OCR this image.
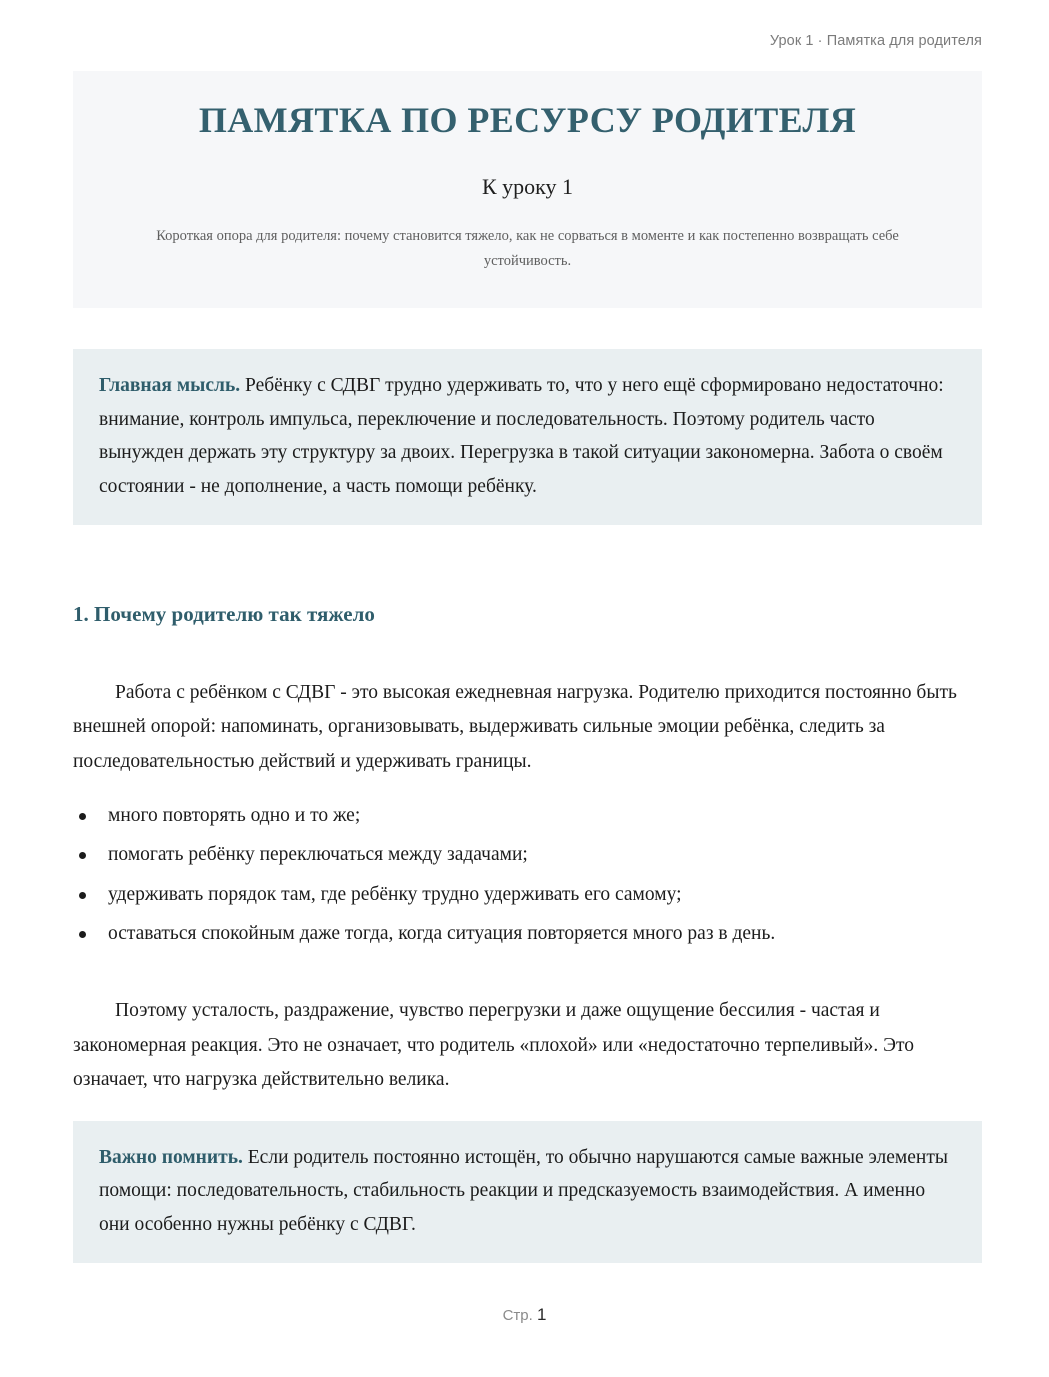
Урок 1 · Памятка для родителя
ПАМЯТКА ПО РЕСУРСУ РОДИТЕЛЯ
К уроку 1

Короткая опора для родителя: почему становится тяжело, как не сорваться в моменте и как постепенно возвращать себе устойчивость.

Главная мысль. Ребёнку с СДВГ трудно удерживать то, что у него ещё сформировано недостаточно: внимание, контроль импульса, переключение и последовательность. Поэтому родитель часто вынужден держать эту структуру за двоих. Перегрузка в такой ситуации закономерна. Забота о своём состоянии - не дополнение, а часть помощи ребёнку.
1. Почему родителю так тяжело

Работа с ребёнком с СДВГ - это высокая ежедневная нагрузка. Родителю приходится постоянно быть внешней опорой: напоминать, организовывать, выдерживать сильные эмоции ребёнка, следить за последовательностью действий и удерживать границы.

много повторять одно и то же;
помогать ребёнку переключаться между задачами;
удерживать порядок там, где ребёнку трудно удерживать его самому;
оставаться спокойным даже тогда, когда ситуация повторяется много раз в день.

Поэтому усталость, раздражение, чувство перегрузки и даже ощущение бессилия - частая и закономерная реакция. Это не означает, что родитель «плохой» или «недостаточно терпеливый». Это означает, что нагрузка действительно велика.

Важно помнить. Если родитель постоянно истощён, то обычно нарушаются самые важные элементы помощи: последовательность, стабильность реакции и предсказуемость взаимодействия. А именно они особенно нужны ребёнку с СДВГ.
Стр. 1
